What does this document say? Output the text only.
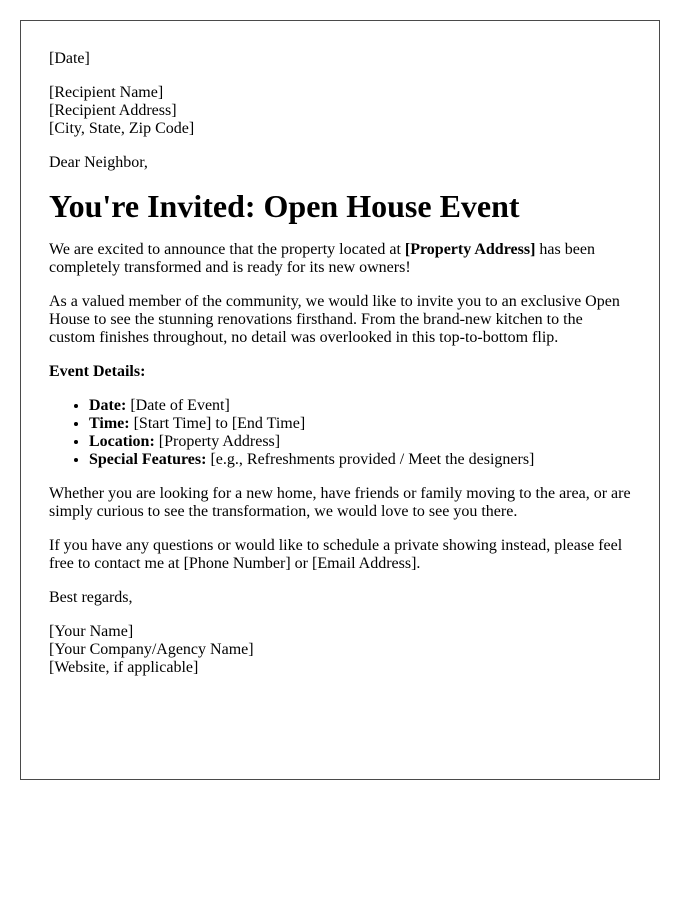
[Date]
[Recipient Name]
[Recipient Address]
[City, State, Zip Code]

Dear Neighbor,

You're Invited: Open House Event

We are excited to announce that the property located at [Property Address] has been completely transformed and is ready for its new owners!

As a valued member of the community, we would like to invite you to an exclusive Open House to see the stunning renovations firsthand. From the brand-new kitchen to the custom finishes throughout, no detail was overlooked in this top-to-bottom flip.

Event Details:

• Date: [Date of Event]
• Time: [Start Time] to [End Time]
• Location: [Property Address]
• Special Features: [e.g., Refreshments provided / Meet the designers]

Whether you are looking for a new home, have friends or family moving to the area, or are simply curious to see the transformation, we would love to see you there.

If you have any questions or would like to schedule a private showing instead, please feel free to contact me at [Phone Number] or [Email Address].

Best regards,

[Your Name]
[Your Company/Agency Name]
[Website, if applicable]
